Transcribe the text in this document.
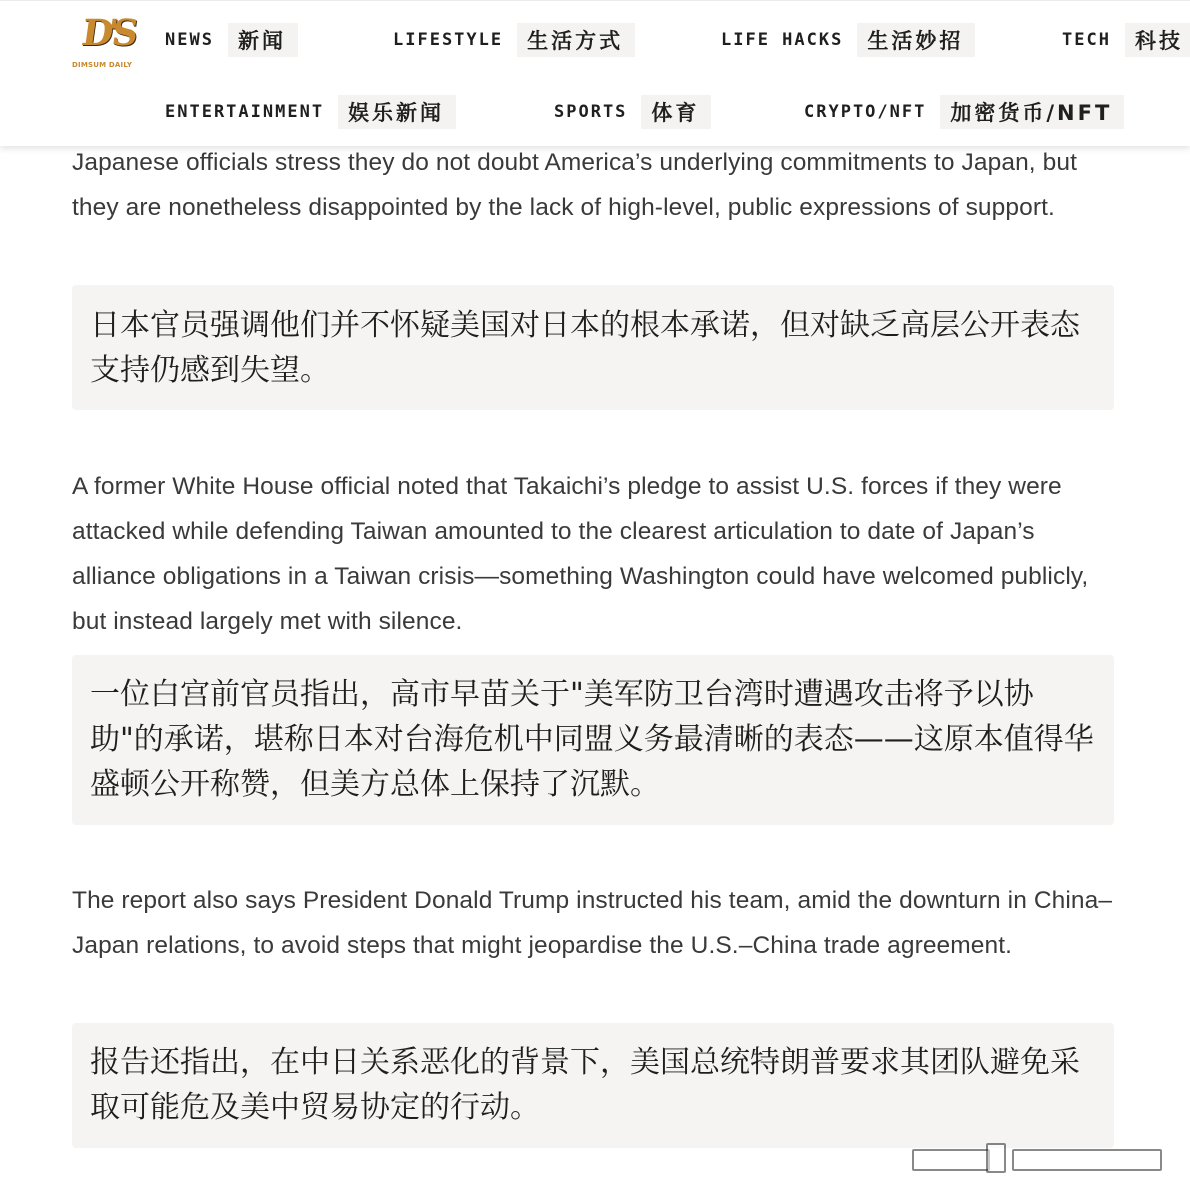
D'S
DIMSUM DAILY
NEWS	新闻	LIFESTYLE	生活方式	LIFE HACKS	生活妙招	TECH	科技
ENTERTAINMENT	娱乐新闻	SPORTS	体育	CRYPTO/NFT	加密货币/NFT

Japanese officials stress they do not doubt America’s underlying commitments to Japan, but they are nonetheless disappointed by the lack of high-level, public expressions of support.

日本官员强调他们并不怀疑美国对日本的根本承诺，但对缺乏高层公开表态支持仍感到失望。

A former White House official noted that Takaichi’s pledge to assist U.S. forces if they were attacked while defending Taiwan amounted to the clearest articulation to date of Japan’s alliance obligations in a Taiwan crisis—something Washington could have welcomed publicly, but instead largely met with silence.

一位白宫前官员指出，高市早苗关于"美军防卫台湾时遭遇攻击将予以协助"的承诺，堪称日本对台海危机中同盟义务最清晰的表态——这原本值得华盛顿公开称赞，但美方总体上保持了沉默。

The report also says President Donald Trump instructed his team, amid the downturn in China–Japan relations, to avoid steps that might jeopardise the U.S.–China trade agreement.

报告还指出，在中日关系恶化的背景下，美国总统特朗普要求其团队避免采取可能危及美中贸易协定的行动。
